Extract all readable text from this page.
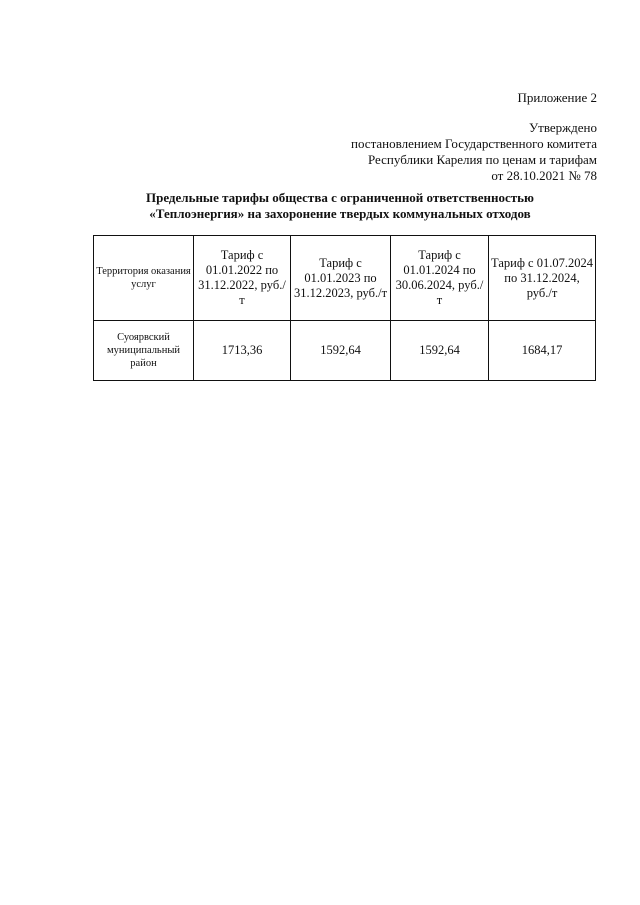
Приложение 2
Утверждено
постановлением Государственного комитета
Республики Карелия по ценам и тарифам
от 28.10.2021 № 78
Предельные тарифы общества с ограниченной ответственностью
«Теплоэнергия» на захоронение твердых коммунальных отходов
Территория оказания услуг	Тариф с 01.01.2022 по 31.12.2022, руб./т	Тариф с 01.01.2023 по 31.12.2023, руб./т	Тариф с 01.01.2024 по 30.06.2024, руб./т	Тариф с 01.07.2024 по 31.12.2024, руб./т
Суоярвский муниципальный район	1713,36	1592,64	1592,64	1684,17
